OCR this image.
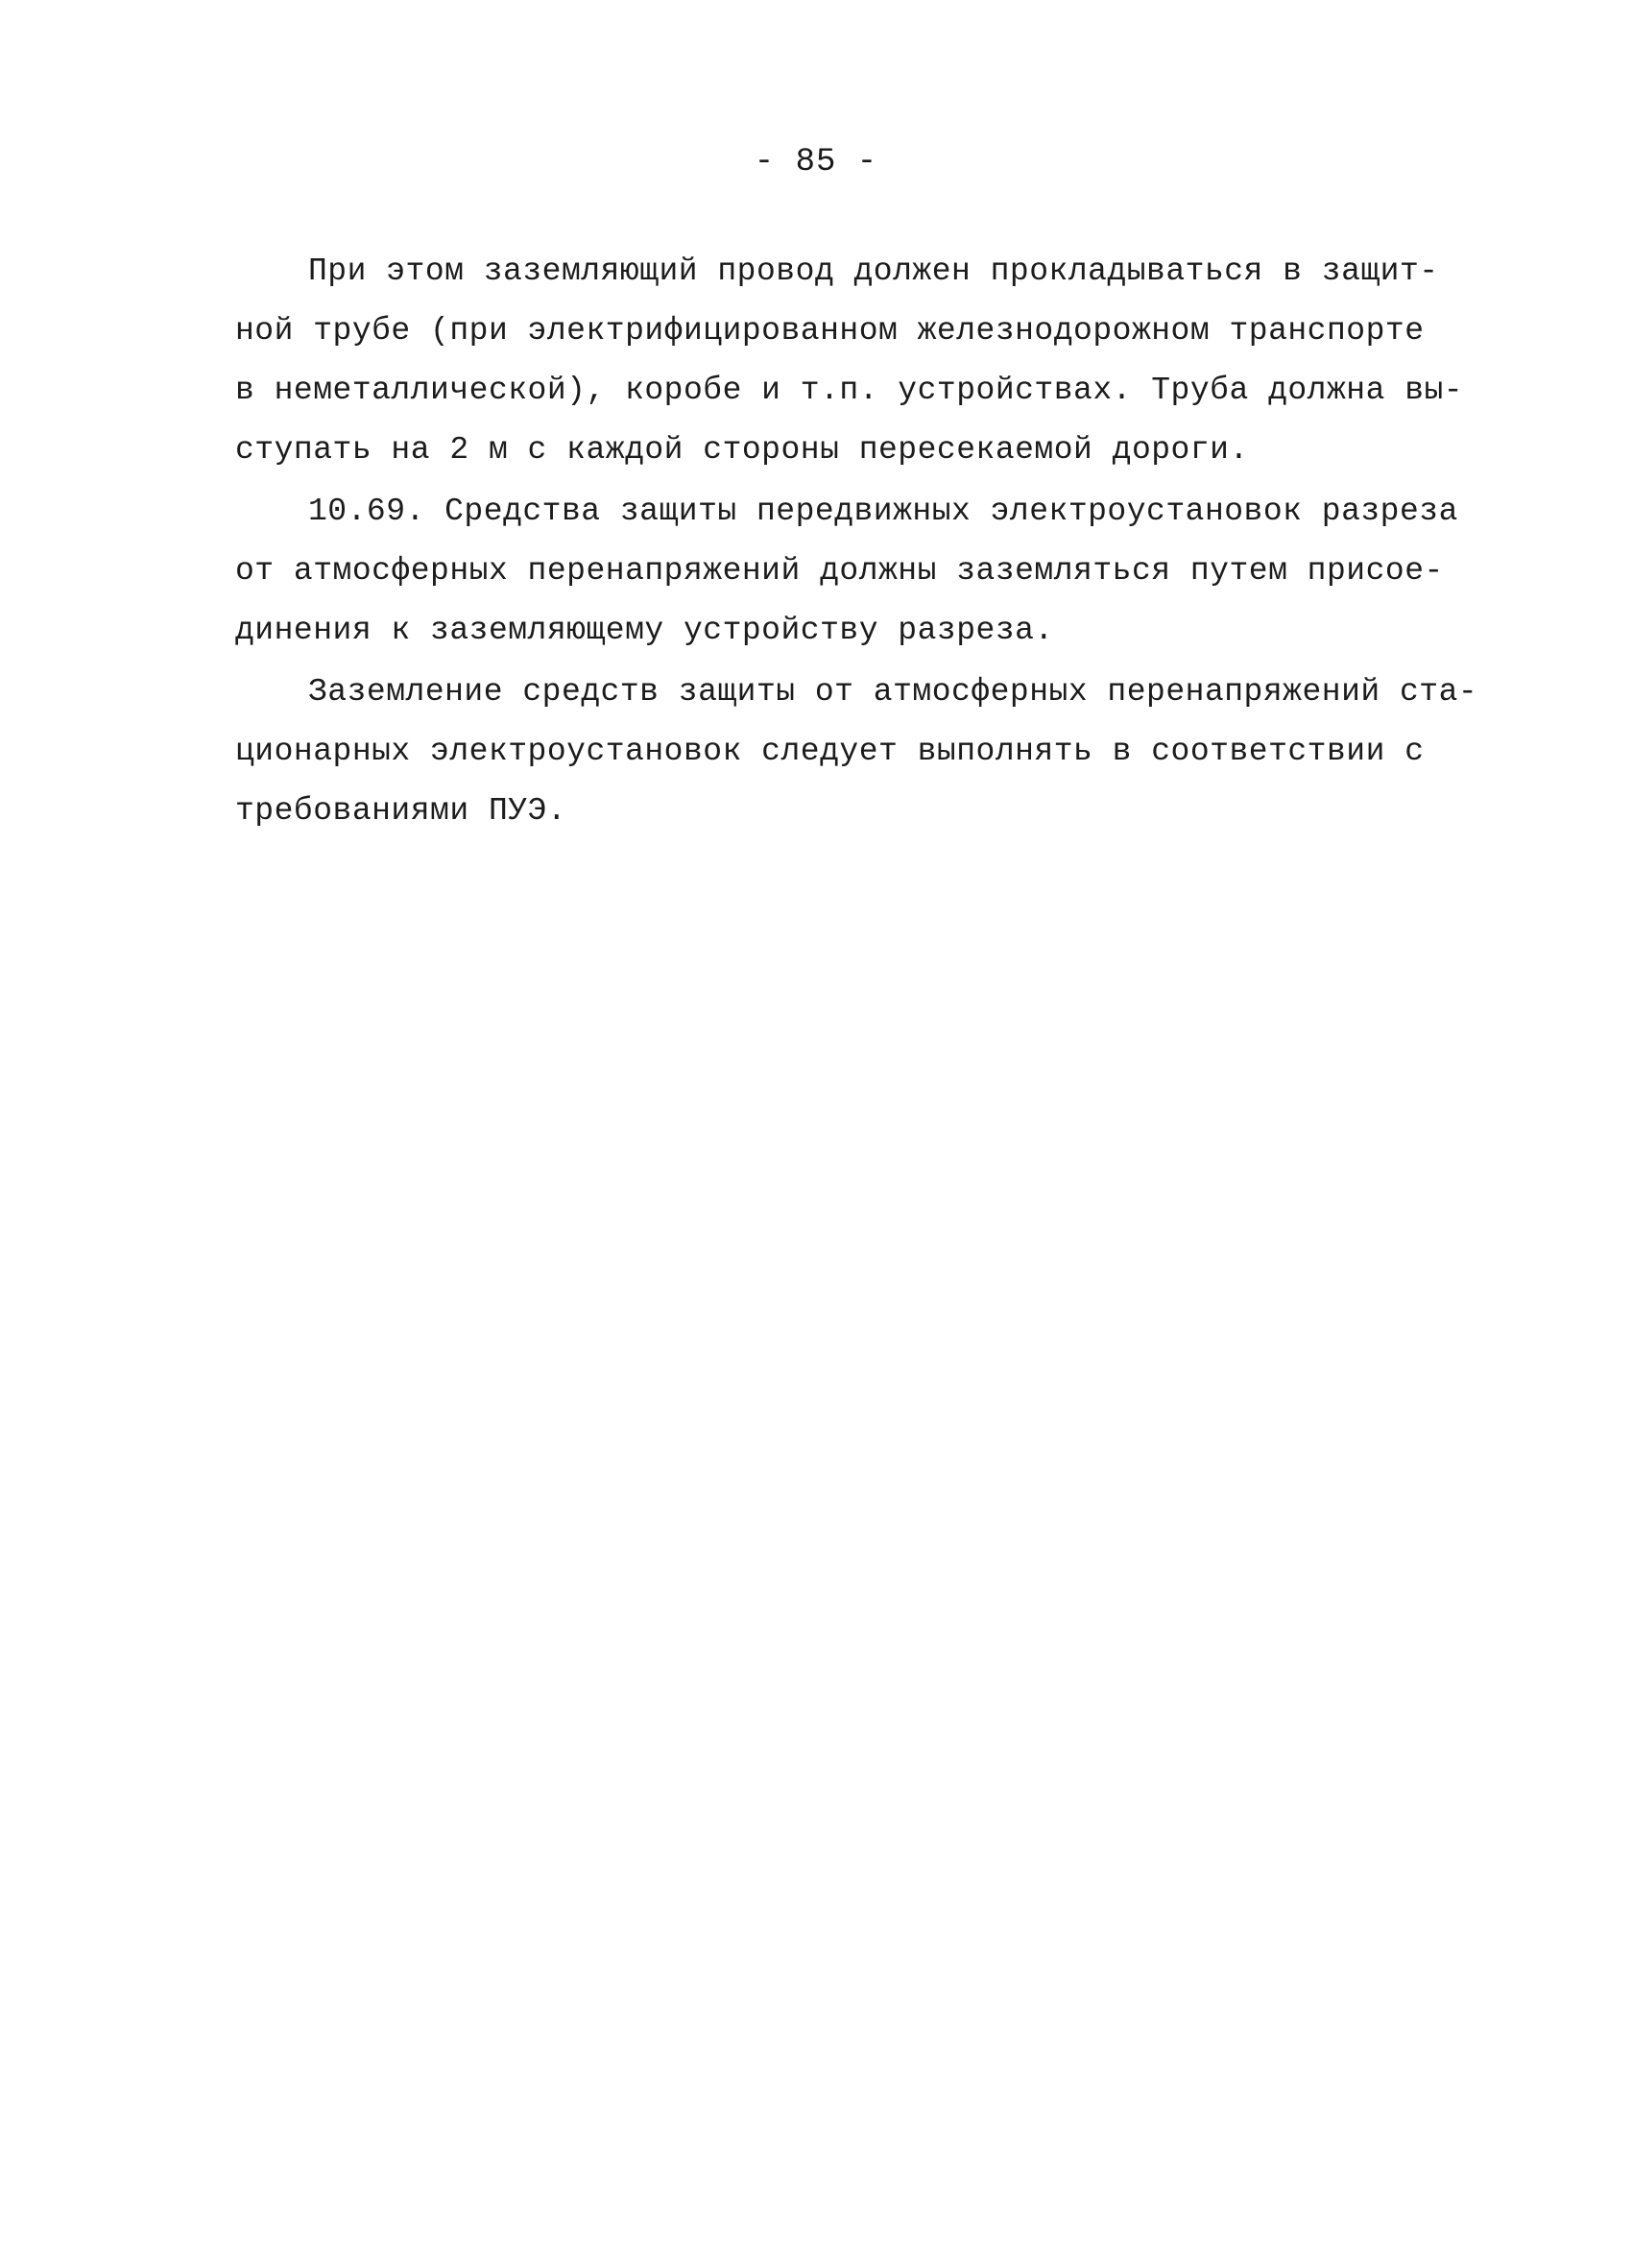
- 85 -
При этом заземляющий провод должен прокладываться в защит-
ной трубе (при электрифицированном железнодорожном транспорте
в неметаллической), коробе и т.п. устройствах. Труба должна вы-
ступать на 2 м с каждой стороны пересекаемой дороги.
10.69. Средства защиты передвижных электроустановок разреза
от атмосферных перенапряжений должны заземляться путем присое-
динения к заземляющему устройству разреза.
Заземление средств защиты от атмосферных перенапряжений ста-
ционарных электроустановок следует выполнять в соответствии с
требованиями ПУЭ.
